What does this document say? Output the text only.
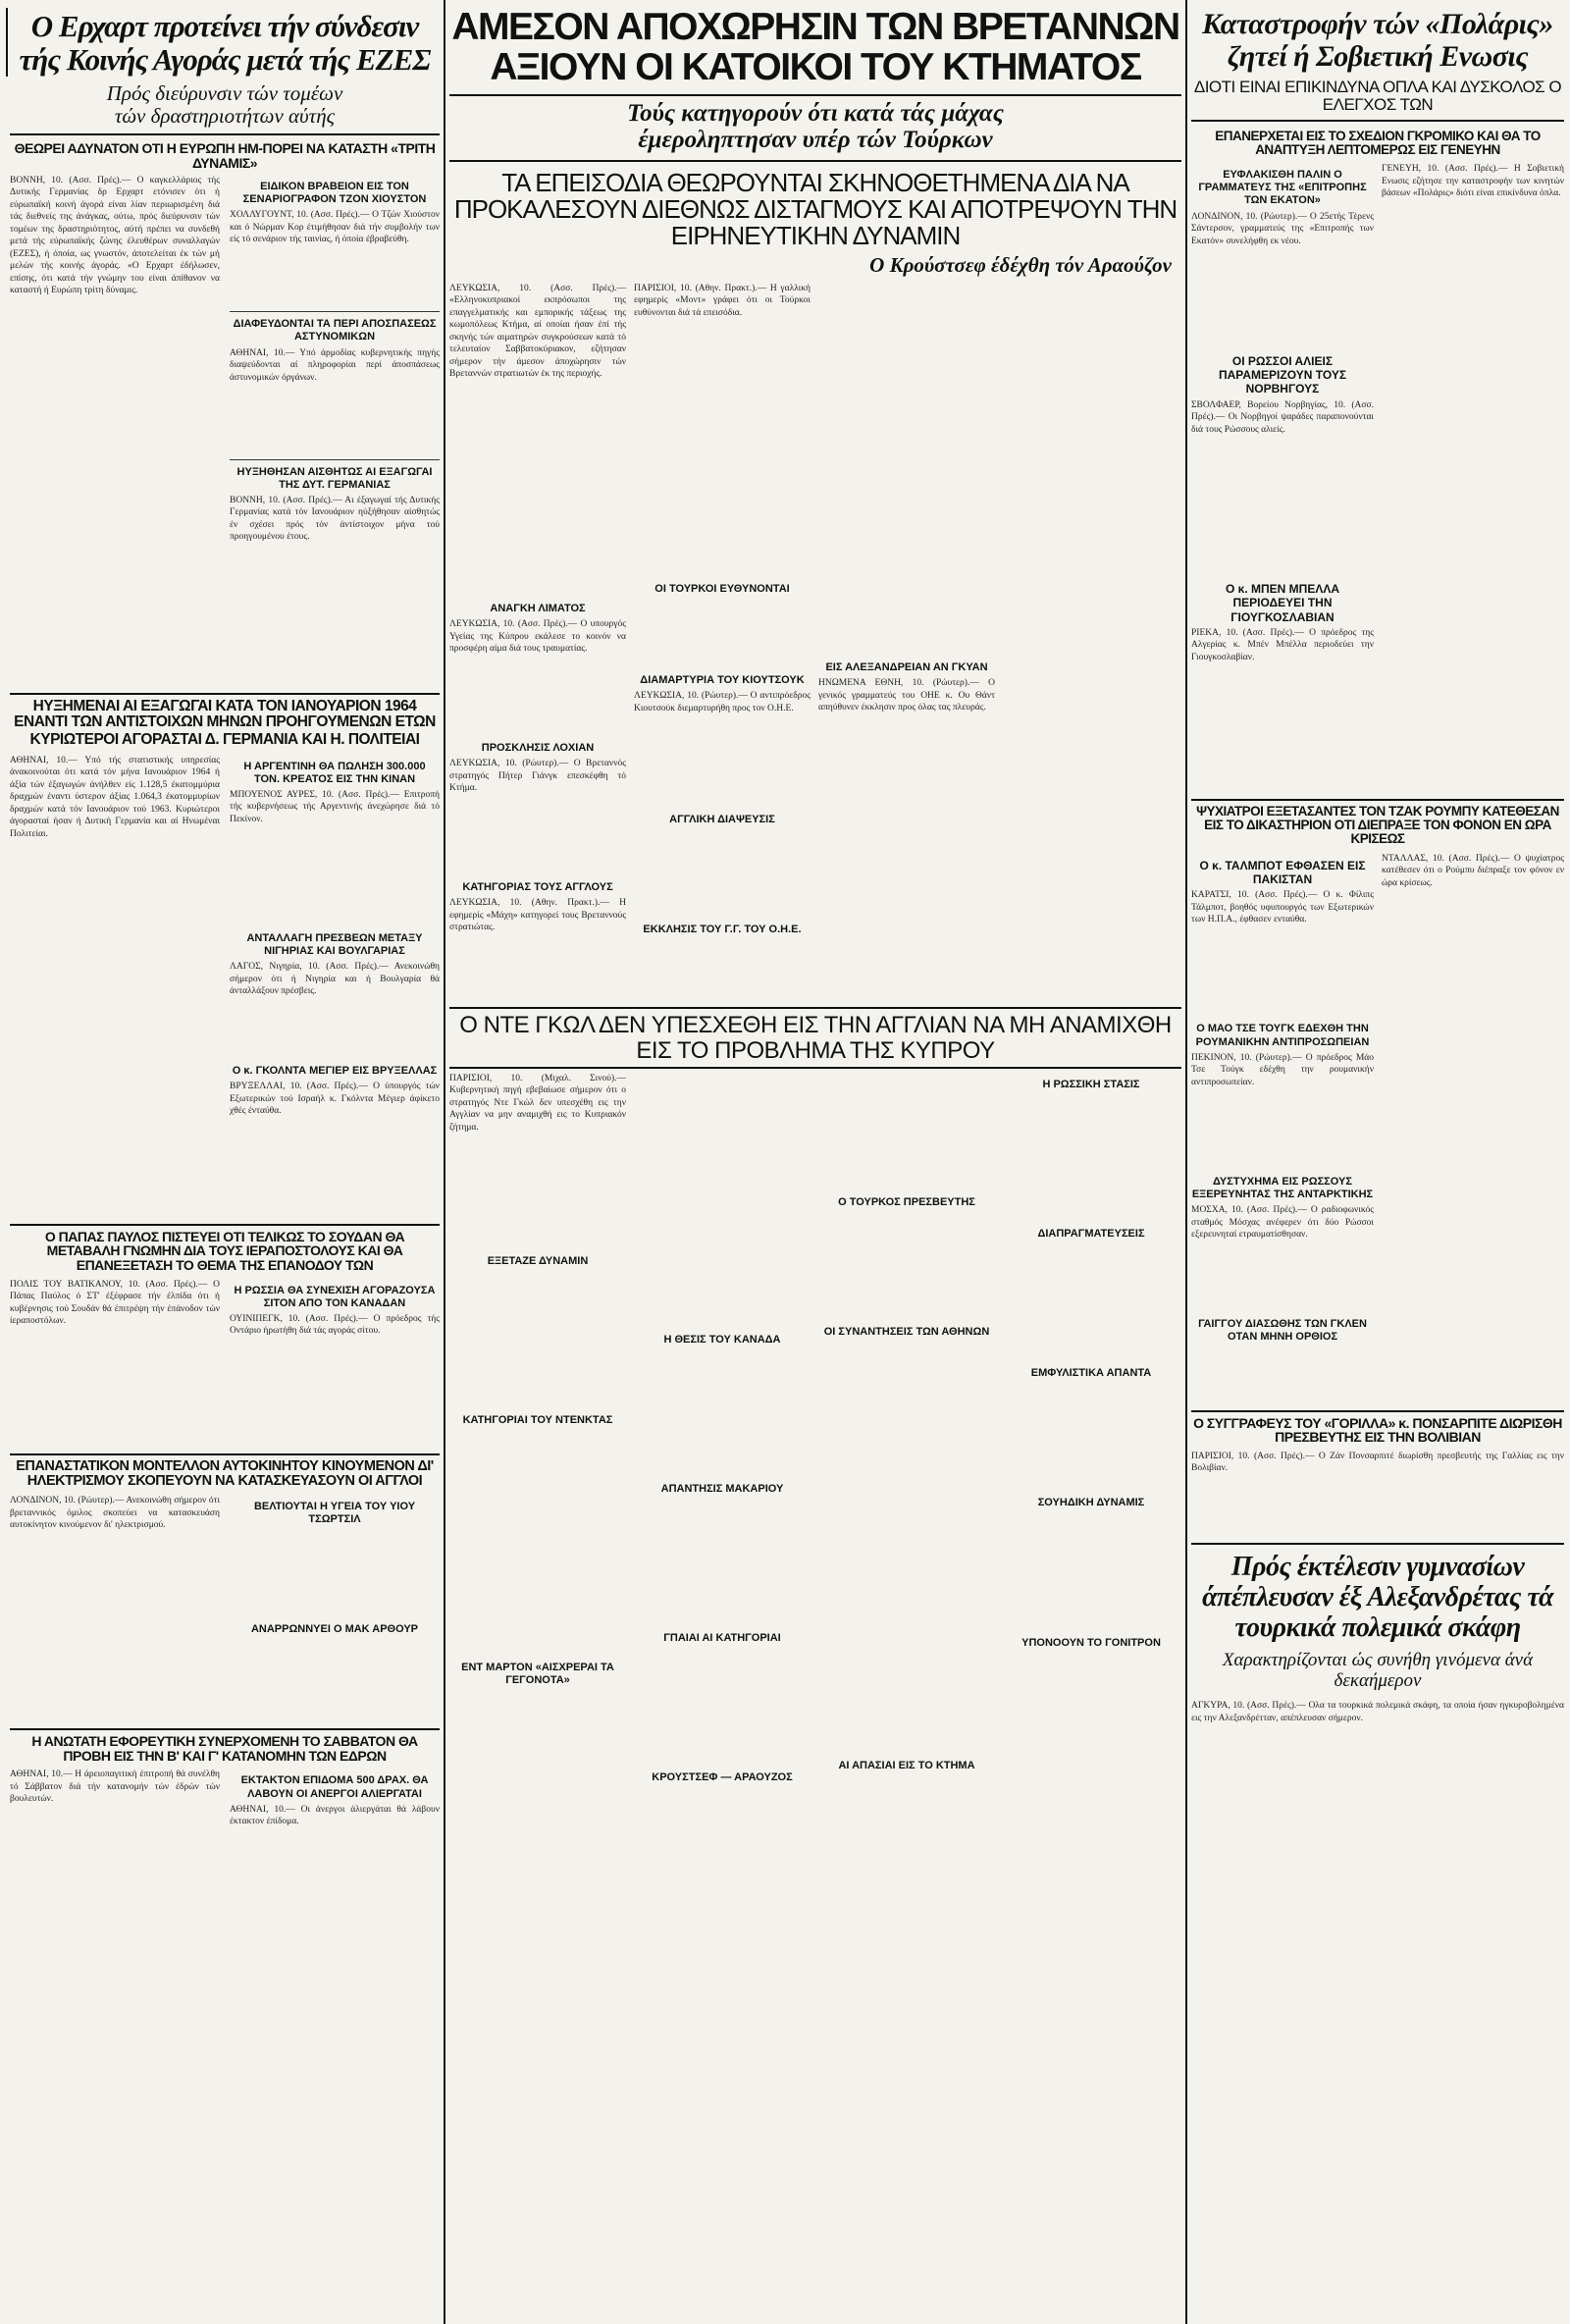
Ο Ερχαρτ προτείνει τήν σύνδεσιν τής Κοινής Αγοράς μετά τής ΕΖΕΣ
Πρός διεύρυνσιν τών τομέων
τών δραστηριοτήτων αύτής
ΘΕΩΡΕΙ ΑΔΥΝΑΤΟΝ ΟΤΙ Η ΕΥΡΩΠΗ ΗΜ-ΠΟΡΕΙ ΝΑ ΚΑΤΑΣΤΗ «ΤΡΙΤΗ ΔΥΝΑΜΙΣ»

ΒΟΝΝΗ, 10. (Ασσ. Πρές).— Ο καγκελλάριος τής Δυτικής Γερμανίας δρ Ερχαρτ ετόνισεν ότι ή εύρωπαϊκή κοινή άγορά είναι λίαν περιωρισμένη διά τάς διεθνείς της άνάγκας, ούτω, πρός διεύρυνσιν τών τομέων της δραστηριότητος, αύτή πρέπει να συνδεθή μετά τής εύρωπαϊκής ζώνης έλευθέρων συναλλαγών (ΕΖΕΣ), ή όποία, ως γνωστόν, άποτελείται έκ τών μή μελών τής κοινής άγοράς. «Ο Ερχαρτ έδήλωσεν, επίσης, ότι κατά τήν γνώμην του είναι άπίθανον να καταστή ή Ευρώπη τρίτη δύναμις.

ΕΙΔΙΚΟΝ ΒΡΑΒΕΙΟΝ ΕΙΣ ΤΟΝ ΣΕΝΑΡΙΟΓΡΑΦΟΝ ΤΖΟΝ ΧΙΟΥΣΤΟΝ

ΧΟΛΛΥΓΟΥΝΤ, 10. (Ασσ. Πρές).— Ο Τζών Χιούστον και ό Νώρμαν Κορ έτιμήθησαν διά τήν συμβολήν των είς τό σενάριον τής ταινίας, ή όποία έβραβεύθη.

ΔΙΑΦΕΥΔΟΝΤΑΙ ΤΑ ΠΕΡΙ ΑΠΟΣΠΑΣΕΩΣ ΑΣΤΥΝΟΜΙΚΩΝ

ΑΘΗΝΑΙ, 10.— Υπό άρμοδίας κυβερνητικής πηγής διαψεύδονται αί πληροφορίαι περί άποσπάσεως άστυνομικών όργάνων.

ΗΥΞΗΘΗΣΑΝ ΑΙΣΘΗΤΩΣ ΑΙ ΕΞΑΓΩΓΑΙ ΤΗΣ ΔΥΤ. ΓΕΡΜΑΝΙΑΣ

ΒΟΝΝΗ, 10. (Ασσ. Πρές).— Αι έξαγωγαί τής Δυτικής Γερμανίας κατά τόν Ιανουάριον ηύξήθησαν αίσθητώς έν σχέσει πρός τόν άντίστοιχον μήνα τού προηγουμένου έτους.

ΗΥΞΗΜΕΝΑΙ ΑΙ ΕΞΑΓΩΓΑΙ ΚΑΤΑ ΤΟΝ ΙΑΝΟΥΑΡΙΟΝ 1964 ΕΝΑΝΤΙ ΤΩΝ ΑΝΤΙΣΤΟΙΧΩΝ ΜΗΝΩΝ ΠΡΟΗΓΟΥΜΕΝΩΝ ΕΤΩΝ
ΚΥΡΙΩΤΕΡΟΙ ΑΓΟΡΑΣΤΑΙ Δ. ΓΕΡΜΑΝΙΑ ΚΑΙ Η. ΠΟΛΙΤΕΙΑΙ

ΑΘΗΝΑΙ, 10.— Υπό τής στατιστικής υπηρεσίας άνακοινούται ότι κατά τόν μήνα Ιανουάριον 1964 ή άξία τών έξαγωγών άνήλθεν είς 1.128,5 έκατομμύρια δραχμών έναντι ύστερον άξίας 1.064,3 έκατομμυρίων δραχμών κατά τόν Ιανουάριον τού 1963. Κυριώτεροι άγορασταί ήσαν ή Δυτική Γερμανία και αί Ηνωμέναι Πολιτείαι.

Η ΑΡΓΕΝΤΙΝΗ ΘΑ ΠΩΛΗΣΗ 300.000 ΤΟΝ. ΚΡΕΑΤΟΣ ΕΙΣ ΤΗΝ ΚΙΝΑΝ

ΜΠΟΥΕΝΟΣ ΑΥΡΕΣ, 10. (Ασσ. Πρές).— Επιτροπή τής κυβερνήσεως τής Αργεντινής άνεχώρησε διά τό Πεκίνον.

ΑΝΤΑΛΛΑΓΗ ΠΡΕΣΒΕΩΝ ΜΕΤΑΞΥ ΝΙΓΗΡΙΑΣ ΚΑΙ ΒΟΥΛΓΑΡΙΑΣ

ΛΑΓΟΣ, Νιγηρία, 10. (Ασσ. Πρές).— Ανεκοινώθη σήμερον ότι ή Νιγηρία και ή Βουλγαρία θά άνταλλάξουν πρέσβεις.

Ο κ. ΓΚΟΛΝΤΑ ΜΕΓΙΕΡ ΕΙΣ ΒΡΥΞΕΛΛΑΣ

ΒΡΥΞΕΛΛΑΙ, 10. (Ασσ. Πρές).— Ο ύπουργός τών Εξωτερικών τού Ισραήλ κ. Γκόλντα Μέγιερ άφίκετο χθές ένταύθα.

Ο ΠΑΠΑΣ ΠΑΥΛΟΣ ΠΙΣΤΕΥΕΙ ΟΤΙ ΤΕΛΙΚΩΣ ΤΟ ΣΟΥΔΑΝ ΘΑ ΜΕΤΑΒΑΛΗ ΓΝΩΜΗΝ ΔΙΑ ΤΟΥΣ ΙΕΡΑΠΟΣΤΟΛΟΥΣ ΚΑΙ ΘΑ ΕΠΑΝΕΞΕΤΑΣΗ ΤΟ ΘΕΜΑ ΤΗΣ ΕΠΑΝΟΔΟΥ ΤΩΝ

ΠΟΛΙΣ ΤΟΥ ΒΑΤΙΚΑΝΟΥ, 10. (Ασσ. Πρές).— Ο Πάπας Παύλος ό ΣΤ' έξέφρασε τήν έλπίδα ότι ή κυβέρνησις τού Σουδάν θά έπιτρέψη τήν έπάνοδον τών ίεραποστόλων.

Η ΡΩΣΣΙΑ ΘΑ ΣΥΝΕΧΙΣΗ ΑΓΟΡΑΖΟΥΣΑ ΣΙΤΟΝ ΑΠΟ ΤΟΝ ΚΑΝΑΔΑΝ

ΟΥΙΝΙΠΕΓΚ, 10. (Ασσ. Πρές).— Ο πρόεδρος τής Οντάριο ήρωτήθη διά τάς αγοράς σίτου.

ΕΠΑΝΑΣΤΑΤΙΚΟΝ ΜΟΝΤΕΛΛΟΝ ΑΥΤΟΚΙΝΗΤΟΥ ΚΙΝΟΥΜΕΝΟΝ ΔΙ' ΗΛΕΚΤΡΙΣΜΟΥ ΣΚΟΠΕΥΟΥΝ ΝΑ ΚΑΤΑΣΚΕΥΑΣΟΥΝ ΟΙ ΑΓΓΛΟΙ

ΛΟΝΔΙΝΟΝ, 10. (Ρώυτερ).— Ανεκοινώθη σήμερον ότι βρεταννικός όμιλος σκοπεύει να κατασκευάση αυτοκίνητον κινούμενον δι' ηλεκτρισμού.

ΒΕΛΤΙΟΥΤΑΙ Η ΥΓΕΙΑ ΤΟΥ ΥΙΟΥ ΤΣΩΡΤΣΙΛ

ΑΝΑΡΡΩΝΝΥΕΙ Ο ΜΑΚ ΑΡΘΟΥΡ
Η ΑΝΩΤΑΤΗ ΕΦΟΡΕΥΤΙΚΗ ΣΥΝΕΡΧΟΜΕΝΗ ΤΟ ΣΑΒΒΑΤΟΝ ΘΑ ΠΡΟΒΗ ΕΙΣ ΤΗΝ Β' ΚΑΙ Γ' ΚΑΤΑΝΟΜΗΝ ΤΩΝ ΕΔΡΩΝ

ΑΘΗΝΑΙ, 10.— Η άρειοπαγιτική έπιτροπή θά συνέλθη τό Σάββατον διά τήν κατανομήν τών έδρών τών βουλευτών.

ΕΚΤΑΚΤΟΝ ΕΠΙΔΟΜΑ 500 ΔΡΑΧ. ΘΑ ΛΑΒΟΥΝ ΟΙ ΑΝΕΡΓΟΙ ΑΛΙΕΡΓΑΤΑΙ

ΑΘΗΝΑΙ, 10.— Οι άνεργοι άλιεργάται θά λάβουν έκτακτον έπίδομα.

ΑΜΕΣΟΝ ΑΠΟΧΩΡΗΣΙΝ ΤΩΝ ΒΡΕΤΑΝΝΩΝ ΑΞΙΟΥΝ ΟΙ ΚΑΤΟΙΚΟΙ ΤΟΥ ΚΤΗΜΑΤΟΣ
Τούς κατηγορούν ότι κατά τάς μάχας
έμεροληπτησαν υπέρ τών Τούρκων
ΤΑ ΕΠΕΙΣΟΔΙΑ ΘΕΩΡΟΥΝΤΑΙ ΣΚΗΝΟΘΕΤΗΜΕΝΑ ΔΙΑ ΝΑ ΠΡΟΚΑΛΕΣΟΥΝ ΔΙΕΘΝΩΣ ΔΙΣΤΑΓΜΟΥΣ ΚΑΙ ΑΠΟΤΡΕΨΟΥΝ ΤΗΝ ΕΙΡΗΝΕΥΤΙΚΗΝ ΔΥΝΑΜΙΝ
Ο Κρούστσεφ έδέχθη τόν Αραούζον

ΛΕΥΚΩΣΙΑ, 10. (Ασσ. Πρές).— «Ελληνοκυπριακοί εκπρόσωποι της επαγγελματικής και εμπορικής τάξεως της κωμοπόλεως Κτήμα, αί οποίαι ήσαν έπί τής σκηνής τών αιματηρών συγκρούσεων κατά τό τελευταίον Σαββατοκύριακον, εζήτησαν σήμερον τήν άμεσον άποχώρησιν τών Βρεταννών στρατιωτών έκ της περιοχής.

ΑΝΑΓΚΗ ΛΙΜΑΤΟΣ

ΛΕΥΚΩΣΙΑ, 10. (Ασσ. Πρές).— Ο υπουργός Υγείας της Κύπρου εκάλεσε το κοινόν να προσφέρη αίμα διά τους τραυματίας.

ΠΡΟΣΚΛΗΣΙΣ ΛΟΧΙΑΝ

ΛΕΥΚΩΣΙΑ, 10. (Ρώυτερ).— Ο Βρεταννός στρατηγός Πήτερ Γιάνγκ επεσκέφθη τό Κτήμα.

ΚΑΤΗΓΟΡΙΑΣ ΤΟΥΣ ΑΓΓΛΟΥΣ

ΛΕΥΚΩΣΙΑ, 10. (Αθην. Πρακτ.).— Η εφημερίς «Μάχη» κατηγορεί τους Βρεταννούς στρατιώτας.

ΠΑΡΙΣΙΟΙ, 10. (Αθην. Πρακτ.).— Η γαλλική εφημερίς «Μοντ» γράφει ότι οι Τούρκοι ευθύνονται διά τά επεισόδια.

ΟΙ ΤΟΥΡΚΟΙ ΕΥΘΥΝΟΝΤΑΙ
ΔΙΑΜΑΡΤΥΡΙΑ ΤΟΥ ΚΙΟΥΤΣΟΥΚ

ΛΕΥΚΩΣΙΑ, 10. (Ρώυτερ).— Ο αντιπρόεδρος Κιουτσούκ διεμαρτυρήθη προς τον Ο.Η.Ε.

ΑΓΓΛΙΚΗ ΔΙΑΨΕΥΣΙΣ

ΕΚΚΛΗΣΙΣ ΤΟΥ Γ.Γ. ΤΟΥ Ο.Η.Ε.

ΕΙΣ ΑΛΕΞΑΝΔΡΕΙΑΝ ΑΝ ΓΚΥΑΝ

ΗΝΩΜΕΝΑ ΕΘΝΗ, 10. (Ρώυτερ).— Ο γενικός γραμματεύς του ΟΗΕ κ. Ου Θάντ απηύθυνεν έκκλησιν προς όλας τας πλευράς.

Ο ΝΤΕ ΓΚΩΛ ΔΕΝ ΥΠΕΣΧΕΘΗ ΕΙΣ ΤΗΝ ΑΓΓΛΙΑΝ ΝΑ ΜΗ ΑΝΑΜΙΧΘΗ ΕΙΣ ΤΟ ΠΡΟΒΛΗΜΑ ΤΗΣ ΚΥΠΡΟΥ

ΠΑΡΙΣΙΟΙ, 10. (Μιχαλ. Σινού).— Κυβερνητική πηγή εβεβαίωσε σήμερον ότι ο στρατηγός Ντε Γκώλ δεν υπεσχέθη εις την Αγγλίαν να μην αναμιχθή εις το Κυπριακόν ζήτημα.

ΕΞΕΤΑΖΕ ΔΥΝΑΜΙΝ

ΚΑΤΗΓΟΡΙΑΙ ΤΟΥ ΝΤΕΝΚΤΑΣ

ΕΝΤ ΜΑΡΤΟΝ «ΑΙΣΧΡΕΡΑΙ ΤΑ ΓΕΓΟΝΟΤΑ»

Η ΘΕΣΙΣ ΤΟΥ ΚΑΝΑΔΑ

ΑΠΑΝΤΗΣΙΣ ΜΑΚΑΡΙΟΥ

ΓΠΑΙΑΙ ΑΙ ΚΑΤΗΓΟΡΙΑΙ

ΚΡΟΥΣΤΣΕΦ — ΑΡΑΟΥΖΟΣ

Ο ΤΟΥΡΚΟΣ ΠΡΕΣΒΕΥΤΗΣ

ΟΙ ΣΥΝΑΝΤΗΣΕΙΣ ΤΩΝ ΑΘΗΝΩΝ

ΑΙ ΑΠΑΣΙΑΙ ΕΙΣ ΤΟ ΚΤΗΜΑ
Η ΡΩΣΣΙΚΗ ΣΤΑΣΙΣ

ΔΙΑΠΡΑΓΜΑΤΕΥΣΕΙΣ

ΕΜΦΥΛΙΣΤΙΚΑ ΑΠΑΝΤΑ

ΣΟΥΗΔΙΚΗ ΔΥΝΑΜΙΣ

ΥΠΟΝΟΟΥΝ ΤΟ ΓΟΝΙΤΡΟΝ
Καταστροφήν τών «Πολάρις» ζητεί ή Σοβιετική Ενωσις
ΔΙΟΤΙ ΕΙΝΑΙ ΕΠΙΚΙΝΔΥΝΑ ΟΠΛΑ ΚΑΙ ΔΥΣΚΟΛΟΣ Ο ΕΛΕΓΧΟΣ ΤΩΝ
ΕΠΑΝΕΡΧΕΤΑΙ ΕΙΣ ΤΟ ΣΧΕΔΙΟΝ ΓΚΡΟΜΙΚΟ ΚΑΙ ΘΑ ΤΟ ΑΝΑΠΤΥΞΗ ΛΕΠΤΟΜΕΡΩΣ ΕΙΣ ΓΕΝΕΥΗΝ
ΕΥΦΛΑΚΙΣΘΗ ΠΑΛΙΝ Ο ΓΡΑΜΜΑΤΕΥΣ ΤΗΣ «ΕΠΙΤΡΟΠΗΣ ΤΩΝ ΕΚΑΤΟΝ»

ΛΟΝΔΙΝΟΝ, 10. (Ρώυτερ).— Ο 25ετής Τέρενς Σάντερσον, γραμματεύς της «Επιτροπής των Εκατόν» συνελήφθη εκ νέου.

ΟΙ ΡΩΣΣΟΙ ΑΛΙΕΙΣ ΠΑΡΑΜΕΡΙΖΟΥΝ ΤΟΥΣ ΝΟΡΒΗΓΟΥΣ

ΣΒΟΛΦΑΕΡ, Βορείου Νορβηγίας, 10. (Ασσ. Πρές).— Οι Νορβηγοί ψαράδες παραπονούνται διά τους Ρώσσους αλιείς.

Ο κ. ΜΠΕΝ ΜΠΕΛΛΑ ΠΕΡΙΟΔΕΥΕΙ ΤΗΝ ΓΙΟΥΓΚΟΣΛΑΒΙΑΝ

ΡΙΕΚΑ, 10. (Ασσ. Πρές).— Ο πρόεδρος της Αλγερίας κ. Μπέν Μπέλλα περιοδεύει την Γιουγκοσλαβίαν.

ΓΕΝΕΥΗ, 10. (Ασσ. Πρές).— Η Σοβιετική Ενωσις εζήτησε την καταστροφήν των κινητών βάσεων «Πολάρις» διότι είναι επικίνδυνα όπλα.

ΨΥΧΙΑΤΡΟΙ ΕΞΕΤΑΣΑΝΤΕΣ ΤΟΝ ΤΖΑΚ ΡΟΥΜΠΥ ΚΑΤΕΘΕΣΑΝ ΕΙΣ ΤΟ ΔΙΚΑΣΤΗΡΙΟΝ ΟΤΙ ΔΙΕΠΡΑΞΕ ΤΟΝ ΦΟΝΟΝ ΕΝ ΩΡΑ ΚΡΙΣΕΩΣ
Ο κ. ΤΑΛΜΠΟΤ ΕΦΘΑΣΕΝ ΕΙΣ ΠΑΚΙΣΤΑΝ

ΚΑΡΑΤΣΙ, 10. (Ασσ. Πρές).— Ο κ. Φίλιπς Τάλμποτ, βοηθός υφυπουργός των Εξωτερικών των Η.Π.Α., έφθασεν ενταύθα.

Ο ΜΑΟ ΤΣΕ ΤΟΥΓΚ ΕΔΕΧΘΗ ΤΗΝ ΡΟΥΜΑΝΙΚΗΝ ΑΝΤΙΠΡΟΣΩΠΕΙΑΝ

ΠΕΚΙΝΟΝ, 10. (Ρώυτερ).— Ο πρόεδρος Μάο Τσε Τούγκ εδέχθη την ρουμανικήν αντιπροσωπείαν.

ΔΥΣΤΥΧΗΜΑ ΕΙΣ ΡΩΣΣΟΥΣ ΕΞΕΡΕΥΝΗΤΑΣ ΤΗΣ ΑΝΤΑΡΚΤΙΚΗΣ

ΜΟΣΧΑ, 10. (Ασσ. Πρές).— Ο ραδιοφωνικός σταθμός Μόσχας ανέφερεν ότι δύο Ρώσσοι εξερευνηταί ετραυματίσθησαν.

ΓΑΙΓΓΟΥ ΔΙΑΣΩΘΗΣ ΤΩΝ ΓΚΛΕΝ ΟΤΑΝ ΜΗΝΗ ΟΡΘΙΟΣ

ΝΤΑΛΛΑΣ, 10. (Ασσ. Πρές).— Ο ψυχίατρος κατέθεσεν ότι ο Ρούμπυ διέπραξε τον φόνον εν ώρα κρίσεως.

Ο ΣΥΓΓΡΑΦΕΥΣ ΤΟΥ «ΓΟΡΙΛΛΑ» κ. ΠΟΝΣΑΡΠΙΤΕ ΔΙΩΡΙΣΘΗ ΠΡΕΣΒΕΥΤΗΣ ΕΙΣ ΤΗΝ ΒΟΛΙΒΙΑΝ

ΠΑΡΙΣΙΟΙ, 10. (Ασσ. Πρές).— Ο Ζάν Πονσαρπιτέ διωρίσθη πρεσβευτής της Γαλλίας εις την Βολιβίαν.

Πρός έκτέλεσιν γυμνασίων άπέπλευσαν έξ Αλεξανδρέτας τά τουρκικά πολεμικά σκάφη
Χαρακτηρίζονται ώς συνήθη γινόμενα άνά δεκαήμερον

ΑΓΚΥΡΑ, 10. (Ασσ. Πρές).— Ολα τα τουρκικά πολεμικά σκάφη, τα οποία ήσαν ηγκυροβολημένα εις την Αλεξανδρέτταν, απέπλευσαν σήμερον.
